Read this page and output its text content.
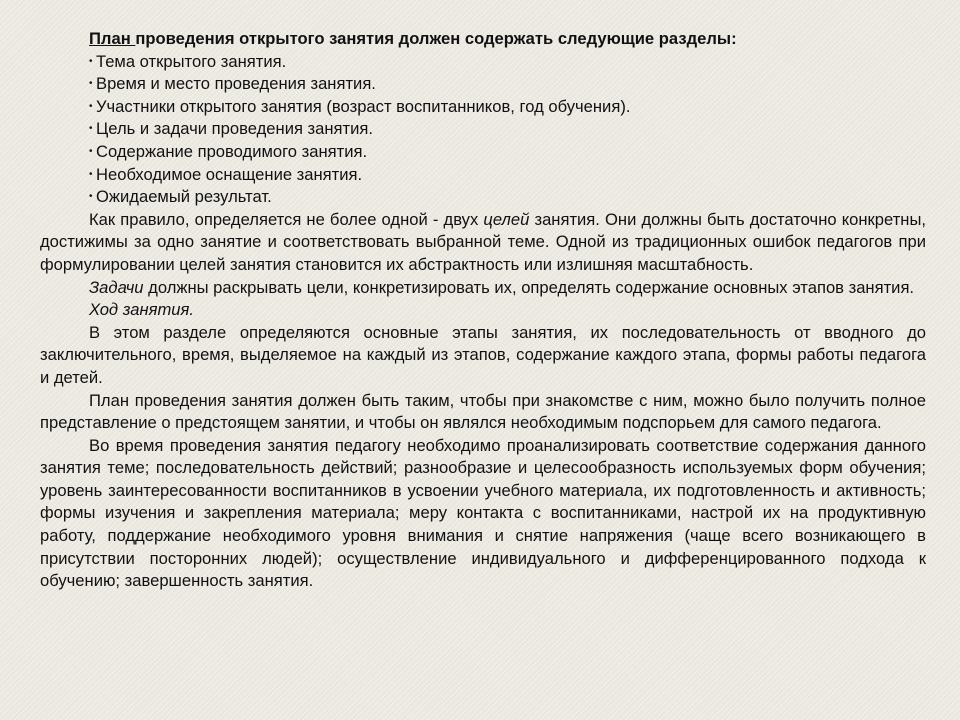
План проведения открытого занятия должен содержать следующие разделы:

• Тема открытого занятия.
• Время и место проведения занятия.
• Участники открытого занятия (возраст воспитанников, год обучения).
• Цель и задачи проведения занятия.
• Содержание проводимого занятия.
• Необходимое оснащение занятия.
• Ожидаемый результат.

Как правило, определяется не более одной - двух целей занятия. Они должны быть достаточно конкретны, достижимы за одно занятие и соответствовать выбранной теме. Одной из традиционных ошибок педагогов при формулировании целей занятия становится их абстрактность или излишняя масштабность.

Задачи должны раскрывать цели, конкретизировать их, определять содержание основных этапов занятия.

Ход занятия.

В этом разделе определяются основные этапы занятия, их последовательность от вводного до заключительного, время, выделяемое на каждый из этапов, содержание каждого этапа, формы работы педагога и детей.

План проведения занятия должен быть таким, чтобы при знакомстве с ним, можно было получить полное представление о предстоящем занятии, и чтобы он являлся необходимым подспорьем для самого педагога.

Во время проведения занятия педагогу необходимо проанализировать соответствие содержания данного занятия теме; последовательность действий; разнообразие и целесообразность используемых форм обучения; уровень заинтересованности воспитанников в усвоении учебного материала, их подготовленность и активность; формы изучения и закрепления материала; меру контакта с воспитанниками, настрой их на продуктивную работу, поддержание необходимого уровня внимания и снятие напряжения (чаще всего возникающего в присутствии посторонних людей); осуществление индивидуального и дифференцированного подхода к обучению; завершенность занятия.
